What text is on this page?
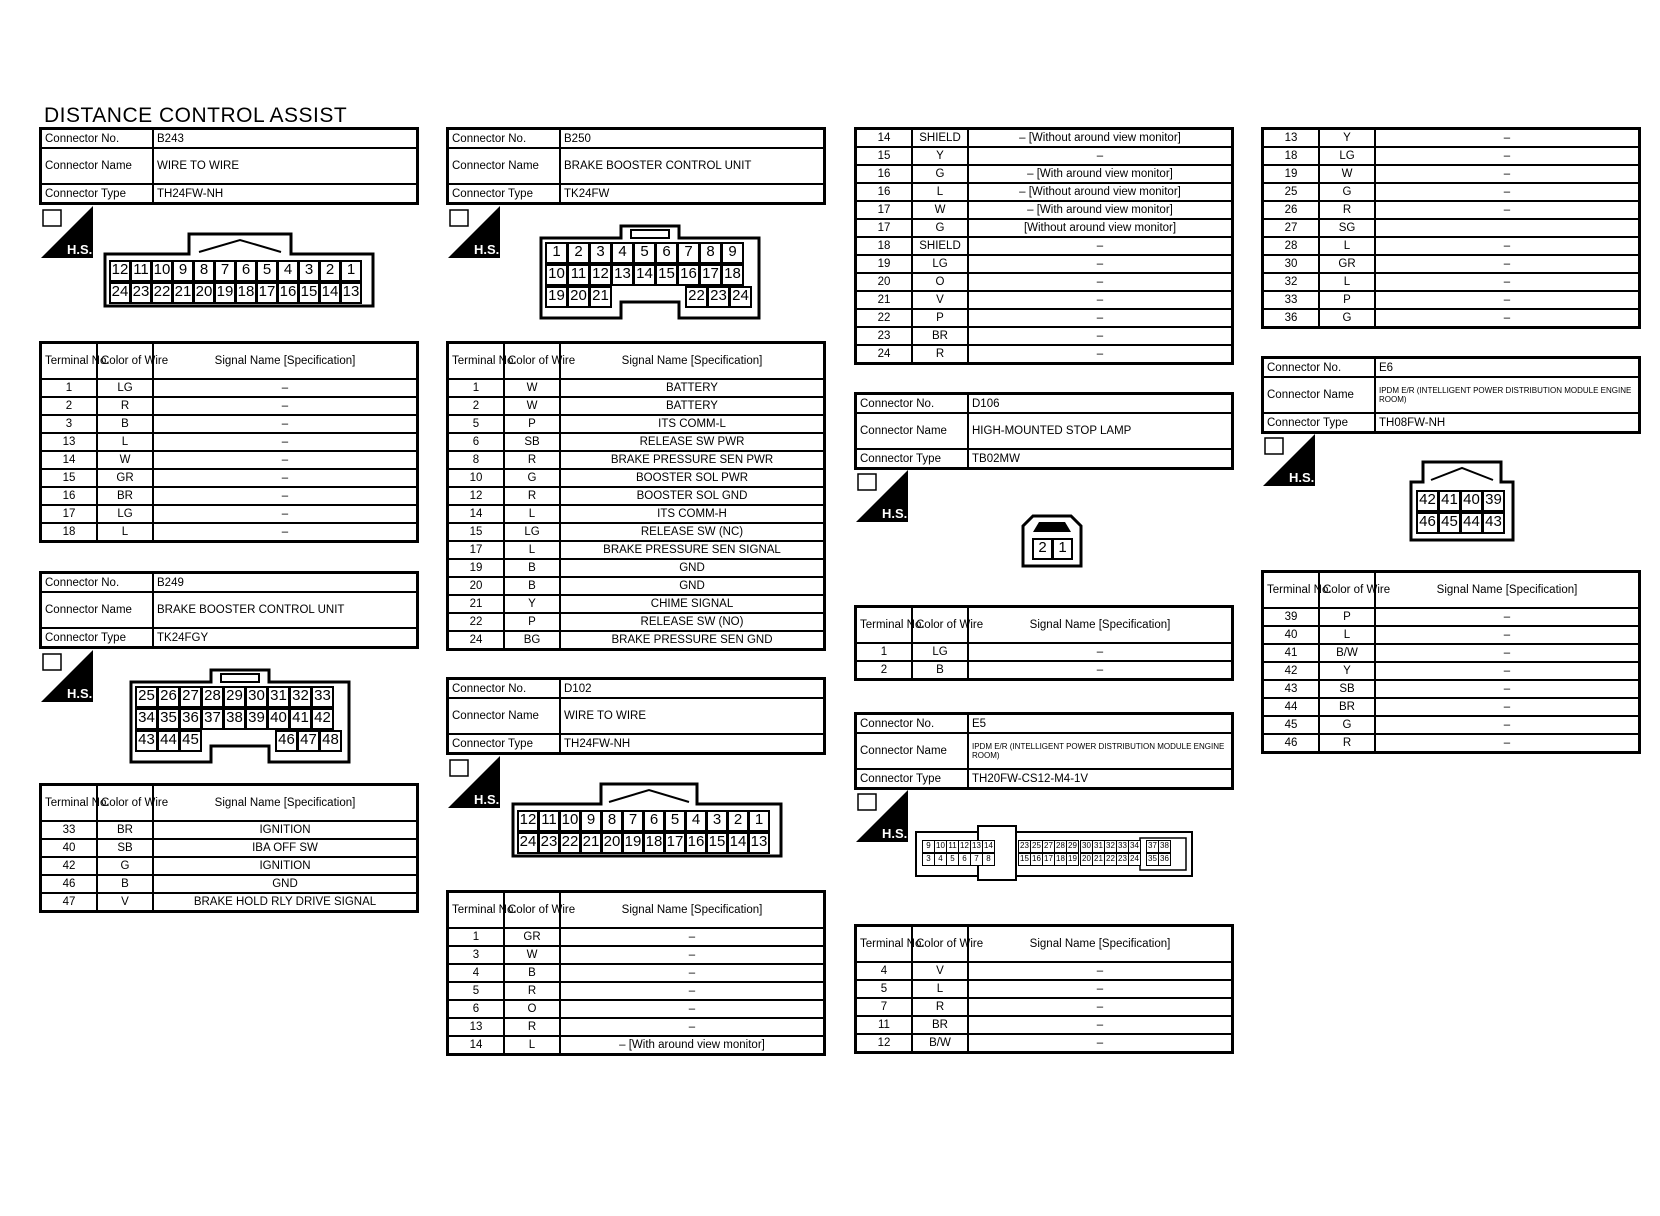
DISTANCE CONTROL ASSIST
Connector No.	B243
Connector Name	WIRE TO WIRE
Connector Type	TH24FW-NH
H.S.
12 11 10 9 8 7 6 5 4 3 2 1
24 23 22 21 20 19 18 17 16 15 14 13
Terminal No.	Color of Wire	Signal Name [Specification]
1	LG	–
2	R	–
3	B	–
13	L	–
14	W	–
15	GR	–
16	BR	–
17	LG	–
18	L	–
Connector No.	B249
Connector Name	BRAKE BOOSTER CONTROL UNIT
Connector Type	TK24FGY
H.S.	25 26 27 28 29 30 31 32 33
34 35 36 37 38 39 40 41 42
43 44 45	46 47 48
Terminal No.	Color of Wire	Signal Name [Specification]
33	BR	IGNITION
40	SB	IBA OFF SW
42	G	IGNITION
46	B	GND
47	V	BRAKE HOLD RLY DRIVE SIGNAL
Connector No.	B250
Connector Name	BRAKE BOOSTER CONTROL UNIT
Connector Type	TK24FW
H.S.	1 2 3 4 5 6 7 8 9
10 11 12 13 14 15 16 17 18
19 20 21	22 23 24
Terminal No.	Color of Wire	Signal Name [Specification]
1	W	BATTERY
2	W	BATTERY
5	P	ITS COMM-L
6	SB	RELEASE SW PWR
8	R	BRAKE PRESSURE SEN PWR
10	G	BOOSTER SOL PWR
12	R	BOOSTER SOL GND
14	L	ITS COMM-H
15	LG	RELEASE SW (NC)
17	L	BRAKE PRESSURE SEN SIGNAL
19	B	GND
20	B	GND
21	Y	CHIME SIGNAL
22	P	RELEASE SW (NO)
24	BG	BRAKE PRESSURE SEN GND
Connector No.	D102
Connector Name	WIRE TO WIRE
Connector Type	TH24FW-NH
H.S.
12 11 10 9 8 7 6 5 4 3 2 1
24 23 22 21 20 19 18 17 16 15 14 13
Terminal No.	Color of Wire	Signal Name [Specification]
1	GR	–
3	W	–
4	B	–
5	R	–
6	O	–
13	R	–
14	L	– [With around view monitor]
14	SHIELD	– [Without around view monitor]
15	Y	–
16	G	– [With around view monitor]
16	L	– [Without around view monitor]
17	W	– [With around view monitor]
17	G	[Without around view monitor]
18	SHIELD	–
19	LG	–
20	O	–
21	V	–
22	P	–
23	BR	–
24	R	–
Connector No.	D106
Connector Name	HIGH-MOUNTED STOP LAMP
Connector Type	TB02MW
H.S.
2 1
Terminal No.	Color of Wire	Signal Name [Specification]
1	LG	–
2	B	–
Connector No.	E5
Connector Name	IPDM E/R (INTELLIGENT POWER DISTRIBUTION MODULE ENGINE ROOM)
Connector Type	TH20FW-CS12-M4-1V
H.S.
9 10 11 12 13 14
3 4 5 6 7 8
23 25 27 28 29
15 16 17 18 19
30 31 32 33 34
20 21 22 23 24
37 38
35 36
Terminal No.	Color of Wire	Signal Name [Specification]
4	V	–
5	L	–
7	R	–
11	BR	–
12	B/W	–
13	Y	–
18	LG	–
19	W	–
25	G	–
26	R	–
27	SG	
28	L	–
30	GR	–
32	L	–
33	P	–
36	G	–
Connector No.	E6
Connector Name	IPDM E/R (INTELLIGENT POWER DISTRIBUTION MODULE ENGINE ROOM)
Connector Type	TH08FW-NH
H.S.
42 41 40 39
46 45 44 43
Terminal No.	Color of Wire	Signal Name [Specification]
39	P	–
40	L	–
41	B/W	–
42	Y	–
43	SB	–
44	BR	–
45	G	–
46	R	–
